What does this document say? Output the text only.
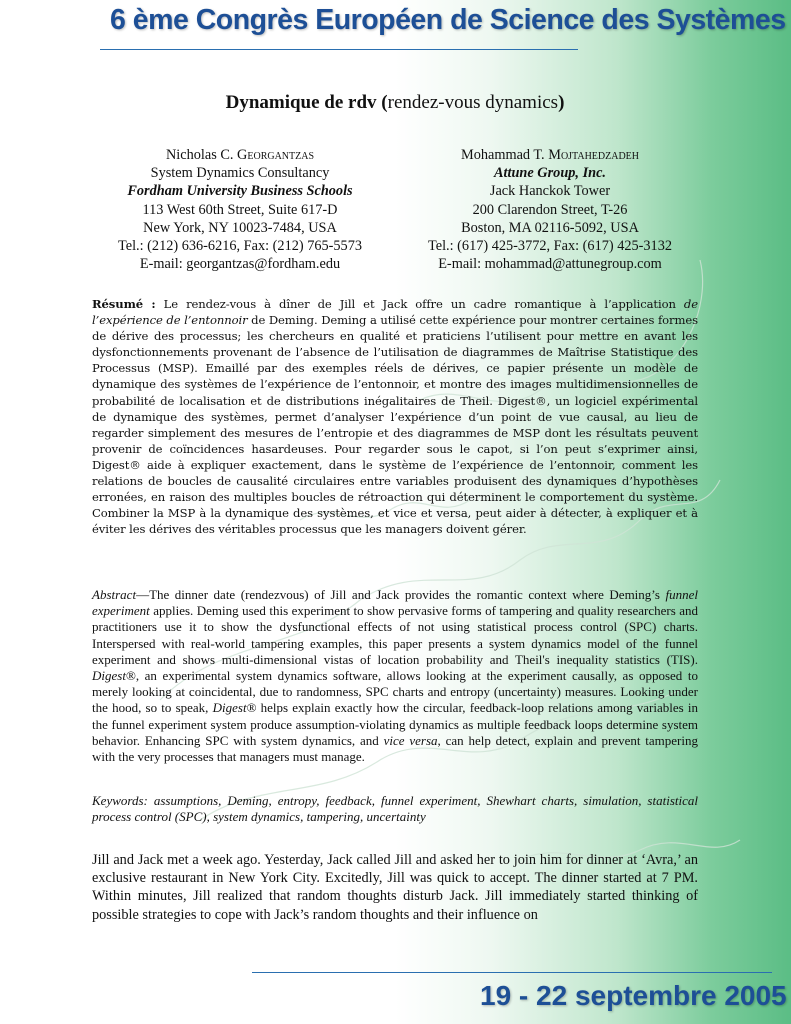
6 ème Congrès Européen de Science des Systèmes
Dynamique de rdv (rendez-vous dynamics)
Nicholas C. Georgantzas
System Dynamics Consultancy
Fordham University Business Schools
113 West 60th Street, Suite 617-D
New York, NY 10023-7484, USA
Tel.: (212) 636-6216, Fax: (212) 765-5573
E-mail: georgantzas@fordham.edu
Mohammad T. Mojtahedzadeh
Attune Group, Inc.
Jack Hanckok Tower
200 Clarendon Street, T-26
Boston, MA 02116-5092, USA
Tel.: (617) 425-3772, Fax: (617) 425-3132
E-mail: mohammad@attunegroup.com
Résumé : Le rendez-vous à dîner de Jill et Jack offre un cadre romantique à l’application de l’expérience de l’entonnoir de Deming. Deming a utilisé cette expérience pour montrer certaines formes de dérive des processus; les chercheurs en qualité et praticiens l’utilisent pour mettre en avant les dysfonctionnements provenant de l’absence de l’utilisation de diagrammes de Maîtrise Statistique des Processus (MSP). Emaillé par des exemples réels de dérives, ce papier présente un modèle de dynamique des systèmes de l’expérience de l’entonnoir, et montre des images multidimensionnelles de probabilité de localisation et de distributions inégalitaires de Theil. Digest®, un logiciel expérimental de dynamique des systèmes, permet d’analyser l’expérience d’un point de vue causal, au lieu de regarder simplement des mesures de l’entropie et des diagrammes de MSP dont les résultats peuvent provenir de coïncidences hasardeuses. Pour regarder sous le capot, si l’on peut s’exprimer ainsi, Digest® aide à expliquer exactement, dans le système de l’expérience de l’entonnoir, comment les relations de boucles de causalité circulaires entre variables produisent des dynamiques d’hypothèses erronées, en raison des multiples boucles de rétroaction qui déterminent le comportement du système. Combiner la MSP à la dynamique des systèmes, et vice et versa, peut aider à détecter, à expliquer et à éviter les dérives des véritables processus que les managers doivent gérer.
Abstract—The dinner date (rendezvous) of Jill and Jack provides the romantic context where Deming’s funnel experiment applies. Deming used this experiment to show pervasive forms of tampering and quality researchers and practitioners use it to show the dysfunctional effects of not using statistical process control (SPC) charts. Interspersed with real-world tampering examples, this paper presents a system dynamics model of the funnel experiment and shows multi-dimensional vistas of location probability and Theil's inequality statistics (TIS). Digest®, an experimental system dynamics software, allows looking at the experiment causally, as opposed to merely looking at coincidental, due to randomness, SPC charts and entropy (uncertainty) measures. Looking under the hood, so to speak, Digest® helps explain exactly how the circular, feedback-loop relations among variables in the funnel experiment system produce assumption-violating dynamics as multiple feedback loops determine system behavior. Enhancing SPC with system dynamics, and vice versa, can help detect, explain and prevent tampering with the very processes that managers must manage.
Keywords: assumptions, Deming, entropy, feedback, funnel experiment, Shewhart charts, simulation, statistical process control (SPC), system dynamics, tampering, uncertainty
Jill and Jack met a week ago. Yesterday, Jack called Jill and asked her to join him for dinner at ‘Avra,’ an exclusive restaurant in New York City. Excitedly, Jill was quick to accept. The dinner started at 7 PM. Within minutes, Jill realized that random thoughts disturb Jack. Jill immediately started thinking of possible strategies to cope with Jack’s random thoughts and their influence on
19 - 22 septembre 2005
